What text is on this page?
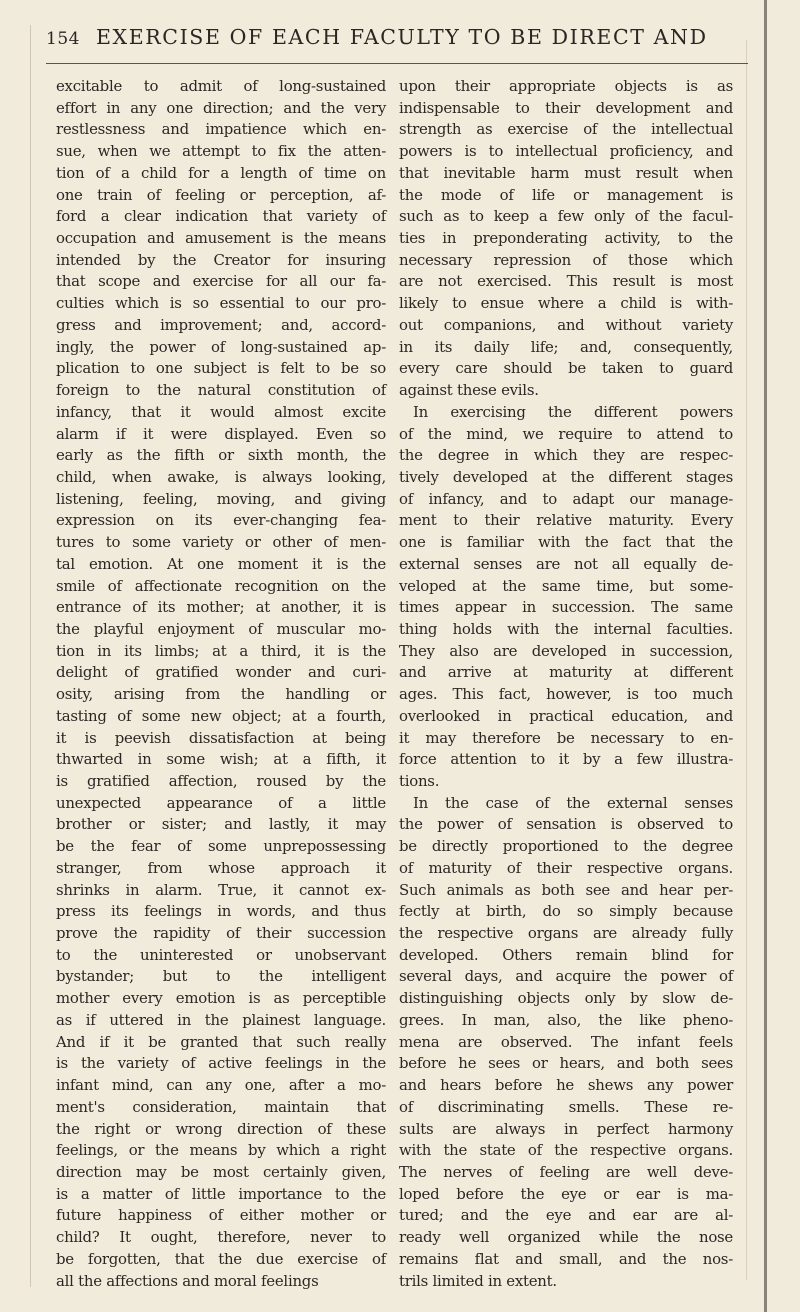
154 EXERCISE OF EACH FACULTY TO BE DIRECT AND
excitable to admit of long-sustained
effort in any one direction; and the very
restlessness and impatience which en-
sue, when we attempt to fix the atten-
tion of a child for a length of time on
one train of feeling or perception, af-
ford a clear indication that variety of
occupation and amusement is the means
intended by the Creator for insuring
that scope and exercise for all our fa-
culties which is so essential to our pro-
gress and improvement; and, accord-
ingly, the power of long-sustained ap-
plication to one subject is felt to be so
foreign to the natural constitution of
infancy, that it would almost excite
alarm if it were displayed. Even so
early as the fifth or sixth month, the
child, when awake, is always looking,
listening, feeling, moving, and giving
expression on its ever-changing fea-
tures to some variety or other of men-
tal emotion. At one moment it is the
smile of affectionate recognition on the
entrance of its mother; at another, it is
the playful enjoyment of muscular mo-
tion in its limbs; at a third, it is the
delight of gratified wonder and curi-
osity, arising from the handling or
tasting of some new object; at a fourth,
it is peevish dissatisfaction at being
thwarted in some wish; at a fifth, it
is gratified affection, roused by the
unexpected appearance of a little
brother or sister; and lastly, it may
be the fear of some unprepossessing
stranger, from whose approach it
shrinks in alarm. True, it cannot ex-
press its feelings in words, and thus
prove the rapidity of their succession
to the uninterested or unobservant
bystander; but to the intelligent
mother every emotion is as perceptible
as if uttered in the plainest language.
And if it be granted that such really
is the variety of active feelings in the
infant mind, can any one, after a mo-
ment's consideration, maintain that
the right or wrong direction of these
feelings, or the means by which a right
direction may be most certainly given,
is a matter of little importance to the
future happiness of either mother or
child? It ought, therefore, never to
be forgotten, that the due exercise of
all the affections and moral feelings
upon their appropriate objects is as
indispensable to their development and
strength as exercise of the intellectual
powers is to intellectual proficiency, and
that inevitable harm must result when
the mode of life or management is
such as to keep a few only of the facul-
ties in preponderating activity, to the
necessary repression of those which
are not exercised. This result is most
likely to ensue where a child is with-
out companions, and without variety
in its daily life; and, consequently,
every care should be taken to guard
against these evils.
In exercising the different powers
of the mind, we require to attend to
the degree in which they are respec-
tively developed at the different stages
of infancy, and to adapt our manage-
ment to their relative maturity. Every
one is familiar with the fact that the
external senses are not all equally de-
veloped at the same time, but some-
times appear in succession. The same
thing holds with the internal faculties.
They also are developed in succession,
and arrive at maturity at different
ages. This fact, however, is too much
overlooked in practical education, and
it may therefore be necessary to en-
force attention to it by a few illustra-
tions.
In the case of the external senses
the power of sensation is observed to
be directly proportioned to the degree
of maturity of their respective organs.
Such animals as both see and hear per-
fectly at birth, do so simply because
the respective organs are already fully
developed. Others remain blind for
several days, and acquire the power of
distinguishing objects only by slow de-
grees. In man, also, the like pheno-
mena are observed. The infant feels
before he sees or hears, and both sees
and hears before he shews any power
of discriminating smells. These re-
sults are always in perfect harmony
with the state of the respective organs.
The nerves of feeling are well deve-
loped before the eye or ear is ma-
tured; and the eye and ear are al-
ready well organized while the nose
remains flat and small, and the nos-
trils limited in extent.
